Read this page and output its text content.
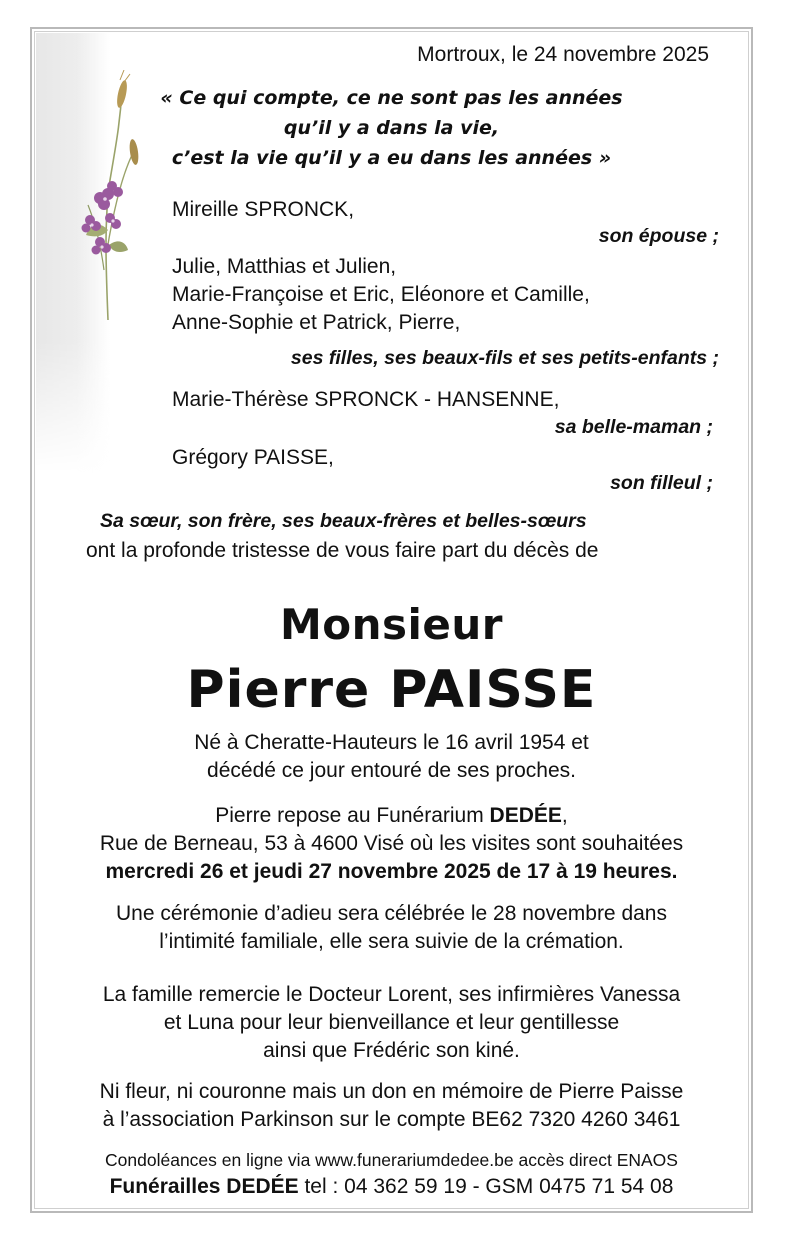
Mortroux, le 24 novembre 2025

« Ce qui compte, ce ne sont pas les années

qu’il y a dans la vie,

c’est la vie qu’il y a eu dans les années »

Mireille SPRONCK,

son épouse ;

Julie, Matthias et Julien,

Marie-Françoise et Eric, Eléonore et Camille,

Anne-Sophie et Patrick, Pierre,

ses filles, ses beaux-fils et ses petits-enfants ;

Marie-Thérèse SPRONCK - HANSENNE,

sa belle-maman ;

Grégory PAISSE,

son filleul ;

Sa sœur, son frère, ses beaux-frères et belles-sœurs

ont la profonde tristesse de vous faire part du décès de

Monsieur

Pierre PAISSE

Né à Cheratte-Hauteurs le 16 avril 1954 et

décédé ce jour entouré de ses proches.

Pierre repose au Funérarium DEDÉE,

Rue de Berneau, 53 à 4600 Visé où les visites sont souhaitées

mercredi 26 et jeudi 27 novembre 2025 de 17 à 19 heures.

Une cérémonie d’adieu sera célébrée le 28 novembre dans

l’intimité familiale, elle sera suivie de la crémation.

La famille remercie le Docteur Lorent, ses infirmières Vanessa

et Luna pour leur bienveillance et leur gentillesse

ainsi que Frédéric son kiné.

Ni fleur, ni couronne mais un don en mémoire de Pierre Paisse

à l’association Parkinson sur le compte BE62 7320 4260 3461

Condoléances en ligne via www.funerariumdedee.be accès direct ENAOS

Funérailles DEDÉE tel : 04 362 59 19 - GSM 0475 71 54 08
